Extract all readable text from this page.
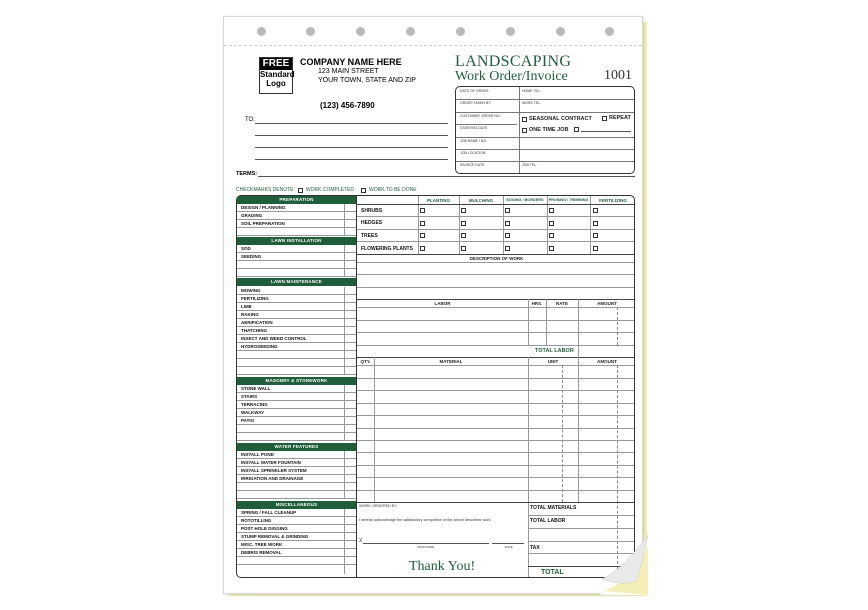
FREE
Standard
Logo
COMPANY NAME HERE
123 MAIN STREET
YOUR TOWN, STATE AND ZIP
(123) 456-7890
LANDSCAPING
Work Order/Invoice	1001
DATE OF ORDER	HOME TEL.
ORDER TAKEN BY	WORK TEL.
CUSTOMER ORDER NO.	SEASONAL CONTRACT	REPEAT
STARTING DATE	ONE TIME JOB
JOB NAME / NO.
JOB LOCATION
INVOICE DATE	JOB TEL.
TO:
TERMS:
CHECKMARKS DENOTE: WORK COMPLETED	WORK TO BE DONE
PREPARATION
DESIGN / PLANNING
GRADING
SOIL PREPARATION
LAWN INSTALLATION
SOD
SEEDING
LAWN MAINTENANCE
MOWING
FERTILIZING
LIME
RAKING
AERIFICATION
THATCHING
INSECT AND WEED CONTROL
HYDROSEEDING
MASONRY & STONEWORK
STONE WALL
STAIRS
TERRACING
WALKWAY
PATIO
WATER FEATURES
INSTALL POND
INSTALL WATER FOUNTAIN
INSTALL SPRINKLER SYSTEM
IRRIGATION AND DRAINAGE
MISCELLANEOUS
SPRING / FALL CLEANUP
ROTOTILLING
POST HOLE DIGGING
STUMP REMOVAL & GRINDING
MISC. TREE WORK
DEBRIS REMOVAL
PLANTING	MULCHING	EDGING / BORDERS	PRUNING / TRIMMING	FERTILIZING
SHRUBS
HEDGES
TREES
FLOWERING PLANTS
DESCRIPTION OF WORK
LABOR	HRS.	RATE	AMOUNT
TOTAL LABOR
QTY.	MATERIAL	UNIT	AMOUNT
WORK ORDERED BY
I hereby acknowledge the satisfactory completion of the above described work.
X
SIGNATURE	DATE
TOTAL MATERIALS
TOTAL LABOR
TAX
TOTAL
Thank You!
